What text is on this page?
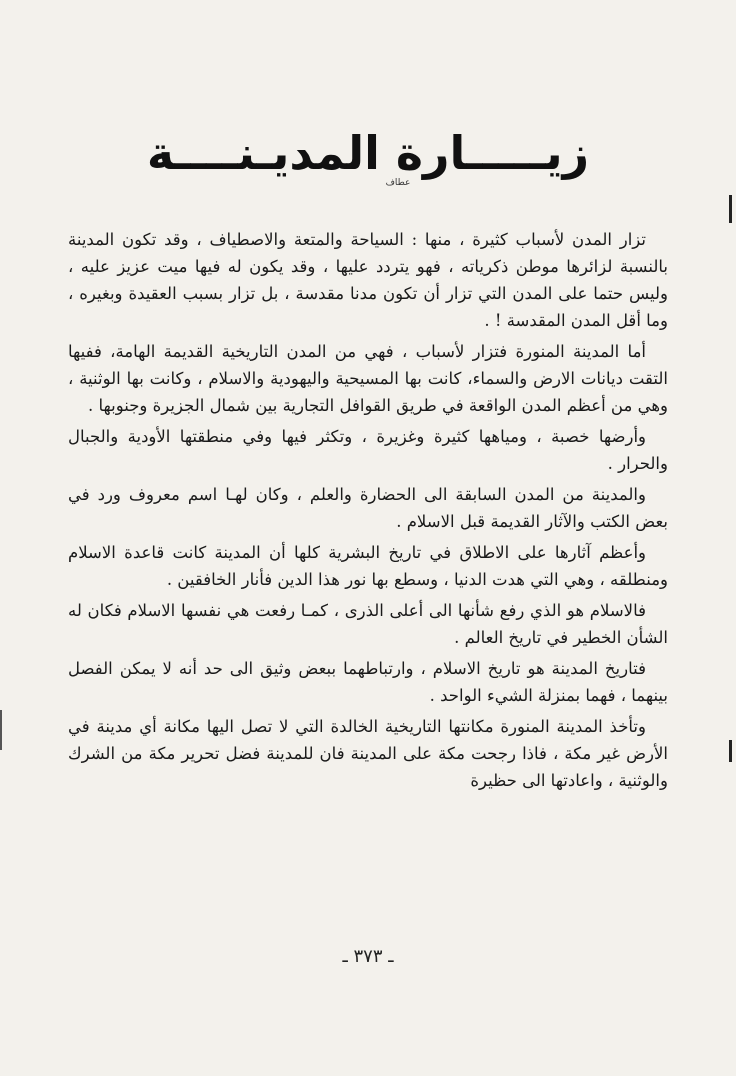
زيـــــارة المديـنــــة
عطاف

تزار المدن لأسباب كثيرة ، منها : السياحة والمتعة والاصطياف ، وقد تكون المدينة بالنسبة لزائرها موطن ذكرياته ، فهو يتردد عليها ، وقد يكون له فيها ميت عزيز عليه ، وليس حتما على المدن التي تزار أن تكون مدنا مقدسة ، بل تزار بسبب العقيدة وبغيره ، وما أقل المدن المقدسة ! .

أما المدينة المنورة فتزار لأسباب ، فهي من المدن التاريخية القديمة الهامة، ففيها التقت ديانات الارض والسماء، كانت بها المسيحية واليهودية والاسلام ، وكانت بها الوثنية ، وهي من أعظم المدن الواقعة في طريق القوافل التجارية بين شمال الجزيرة وجنوبها .

وأرضها خصبة ، ومياهها كثيرة وغزيرة ، وتكثر فيها وفي منطقتها الأودية والجبال والحرار .

والمدينة من المدن السابقة الى الحضارة والعلم ، وكان لهـا اسم معروف ورد في بعض الكتب والآثار القديمة قبل الاسلام .

وأعظم آثارها على الاطلاق في تاريخ البشرية كلها أن المدينة كانت قاعدة الاسلام ومنطلقه ، وهي التي هدت الدنيا ، وسطع بها نور هذا الدين فأنار الخافقين .

فالاسلام هو الذي رفع شأنها الى أعلى الذرى ، كمـا رفعت هي نفسها الاسلام فكان له الشأن الخطير في تاريخ العالم .

فتاريخ المدينة هو تاريخ الاسلام ، وارتباطهما ببعض وثيق الى حد أنه لا يمكن الفصل بينهما ، فهما بمنزلة الشيء الواحد .

وتأخذ المدينة المنورة مكانتها التاريخية الخالدة التي لا تصل اليها مكانة أي مدينة في الأرض غير مكة ، فاذا رجحت مكة على المدينة فان للمدينة فضل تحرير مكة من الشرك والوثنية ، واعادتها الى حظيرة

ـ ٣٧٣ ـ
